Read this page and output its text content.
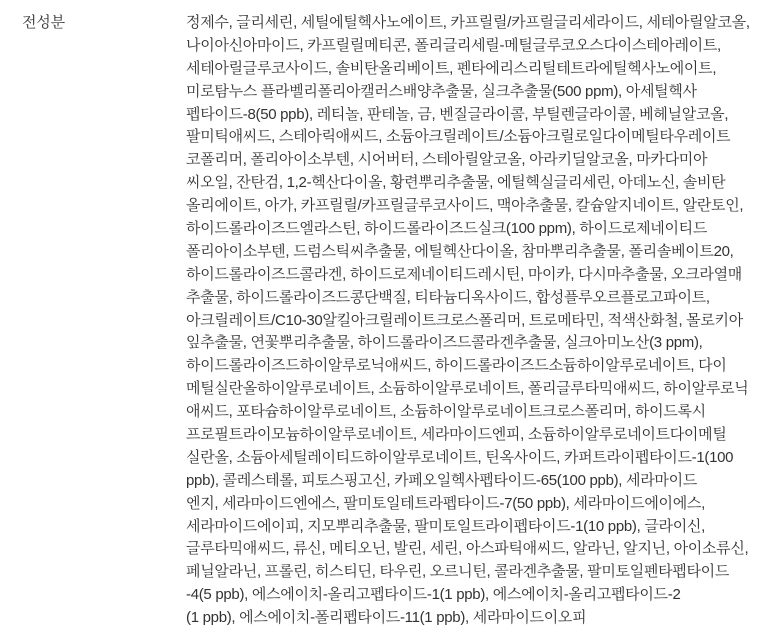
전성분	정제수, 글리세린, 세틸에틸헥사노에이트, 카프릴릴/카프릴글리세라이드, 세테아릴알코올,
나이아신아마이드, 카프릴릴메티콘, 폴리글리세릴-메틸글루코오스다이스테아레이트,
세테아릴글루코사이드, 솔비탄올리베이트, 펜타에리스리틸테트라에틸헥사노에이트,
미로탐누스 플라벨리폴리아캘러스배양추출물, 실크추출물(500 ppm), 아세틸헥사
펩타이드-8(50 ppb), 레티놀, 판테놀, 금, 벤질글라이콜, 부틸렌글라이콜, 베헤닐알코올,
팔미틱애씨드, 스테아릭애씨드, 소듐아크릴레이트/소듐아크릴로일다이메틸타우레이트
코폴리머, 폴리아이소부텐, 시어버터, 스테아릴알코올, 아라키딜알코올, 마카다미아
씨오일, 잔탄검, 1,2-헥산다이올, 황련뿌리추출물, 에틸헥실글리세린, 아데노신, 솔비탄
올리에이트, 아가, 카프릴릴/카프릴글루코사이드, 맥아추출물, 칼슘알지네이트, 알란토인,
하이드롤라이즈드엘라스틴, 하이드롤라이즈드실크(100 ppm), 하이드로제네이티드
폴리아이소부텐, 드럼스틱씨추출물, 에틸헥산다이올, 참마뿌리추출물, 폴리솔베이트20,
하이드롤라이즈드콜라겐, 하이드로제네이티드레시틴, 마이카, 다시마추출물, 오크라열매
추출물, 하이드롤라이즈드콩단백질, 티타늄디옥사이드, 합성플루오르플로고파이트,
아크릴레이트/C10-30알킬아크릴레이트크로스폴리머, 트로메타민, 적색산화철, 몰로키아
잎추출물, 연꽃뿌리추출물, 하이드롤라이즈드콜라겐추출물, 실크아미노산(3 ppm),
하이드롤라이즈드하이알루로닉애씨드, 하이드롤라이즈드소듐하이알루로네이트, 다이
메틸실란올하이알루로네이트, 소듐하이알루로네이트, 폴리글루타믹애씨드, 하이알루로닉
애씨드, 포타슘하이알루로네이트, 소듐하이알루로네이트크로스폴리머, 하이드록시
프로필트라이모늄하이알루로네이트, 세라마이드엔피, 소듐하이알루로네이트다이메틸
실란올, 소듐아세틸레이티드하이알루로네이트, 틴옥사이드, 카퍼트라이펩타이드-1(100
ppb), 콜레스테롤, 피토스핑고신, 카페오일헥사펩타이드-65(100 ppb), 세라마이드
엔지, 세라마이드엔에스, 팔미토일테트라펩타이드-7(50 ppb), 세라마이드에이에스,
세라마이드에이피, 지모뿌리추출물, 팔미토일트라이펩타이드-1(10 ppb), 글라이신,
글루타믹애씨드, 류신, 메티오닌, 발린, 세린, 아스파틱애씨드, 알라닌, 알지닌, 아이소류신,
페닐알라닌, 프롤린, 히스티딘, 타우린, 오르니틴, 콜라겐추출물, 팔미토일펜타펩타이드
-4(5 ppb), 에스에이치-올리고펩타이드-1(1 ppb), 에스에이치-올리고펩타이드-2
(1 ppb), 에스에이치-폴리펩타이드-11(1 ppb), 세라마이드이오피
